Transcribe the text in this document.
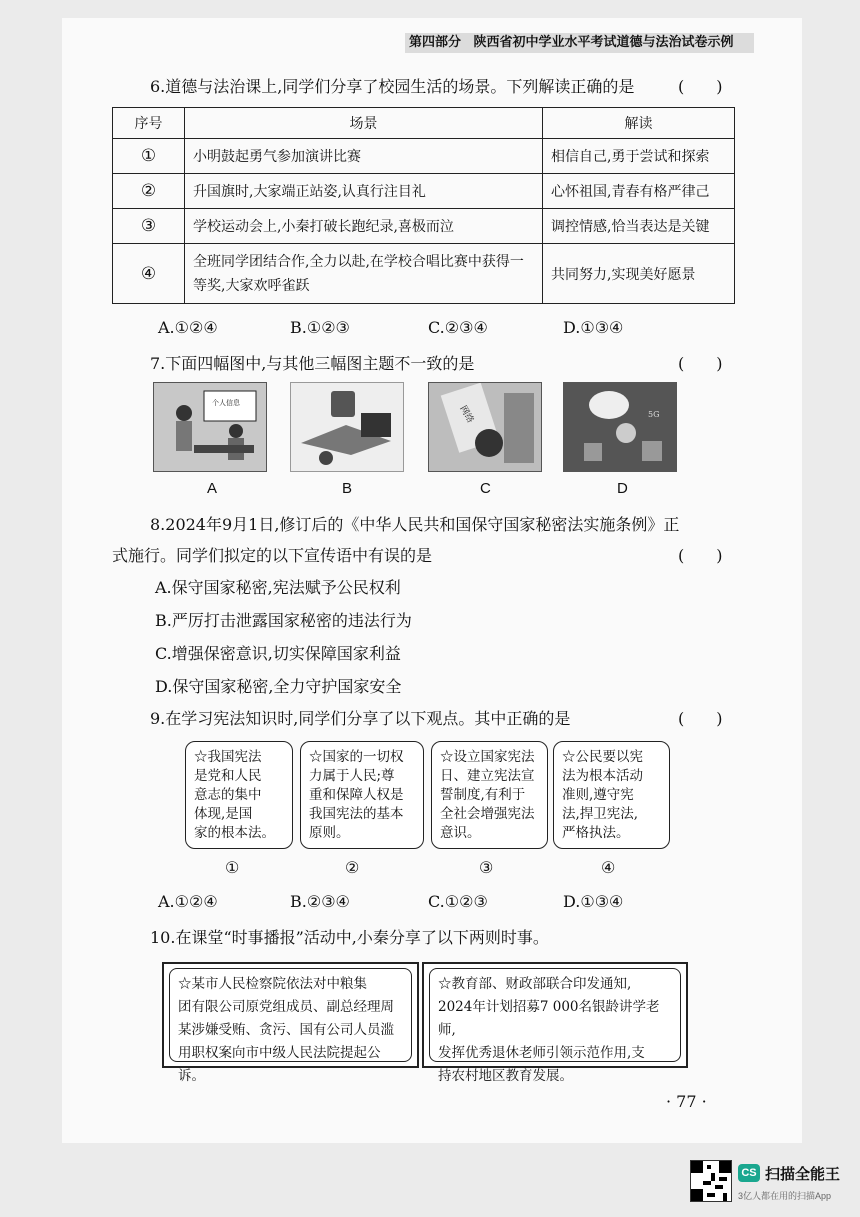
第四部分 陕西省初中学业水平考试道德与法治试卷示例
6.道德与法治课上,同学们分享了校园生活的场景。下列解读正确的是	(　　)
序号	场景	解读
①	小明鼓起勇气参加演讲比赛	相信自己,勇于尝试和探索
②	升国旗时,大家端正站姿,认真行注目礼	心怀祖国,青春有格严律己
③	学校运动会上,小秦打破长跑纪录,喜极而泣	调控情感,恰当表达是关键
④	全班同学团结合作,全力以赴,在学校合唱比赛中获得一等奖,大家欢呼雀跃	共同努力,实现美好愿景
A.①②④	B.①②③	C.②③④	D.①③④
7.下面四幅图中,与其他三幅图主题不一致的是	(　　)
个人信息
网络	5G
A	B	C	D
8.2024年9月1日,修订后的《中华人民共和国保守国家秘密法实施条例》正
式施行。同学们拟定的以下宣传语中有误的是	(　　)
A.保守国家秘密,宪法赋予公民权利
B.严厉打击泄露国家秘密的违法行为
C.增强保密意识,切实保障国家利益
D.保守国家秘密,全力守护国家安全
9.在学习宪法知识时,同学们分享了以下观点。其中正确的是	(　　)
☆我国宪法
是党和人民
意志的集中
体现,是国
家的根本法。
☆国家的一切权
力属于人民;尊
重和保障人权是
我国宪法的基本
原则。
☆设立国家宪法
日、建立宪法宣
誓制度,有利于
全社会增强宪法
意识。
☆公民要以宪
法为根本活动
准则,遵守宪
法,捍卫宪法,
严格执法。
①	②	③	④
A.①②④	B.②③④	C.①②③	D.①③④
10.在课堂“时事播报”活动中,小秦分享了以下两则时事。
☆某市人民检察院依法对中粮集
团有限公司原党组成员、副总经理周
某涉嫌受贿、贪污、国有公司人员滥
用职权案向市中级人民法院提起公诉。
☆教育部、财政部联合印发通知,
2024年计划招募7 000名银龄讲学老师,
发挥优秀退休老师引领示范作用,支
持农村地区教育发展。
· 77 ·
CS 扫描全能王
3亿人都在用的扫描App
